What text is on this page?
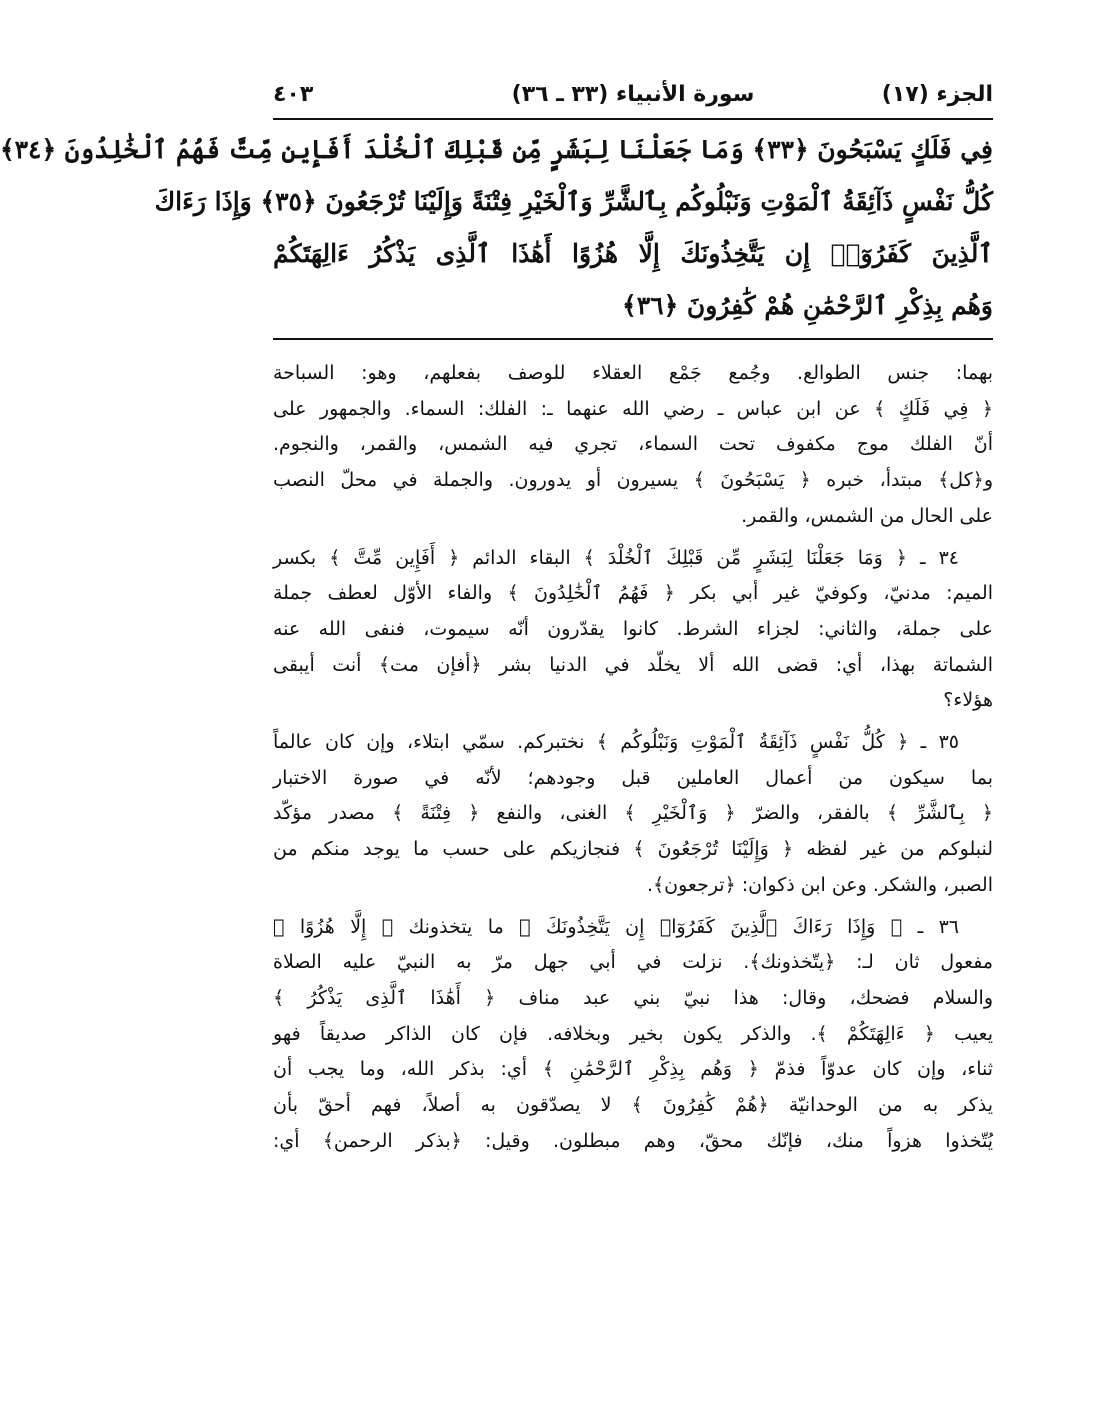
الجزء (١٧)
سورة الأنبياء (٣٣ ـ ٣٦)
٤٠٣
فِي فَلَكٍ يَسْبَحُونَ ﴿٣٣﴾ وَمَا جَعَلْنَا لِبَشَرٍ مِّن قَبْلِكَ ٱلْخُلْدَ أَفَإِين مِّتَّ فَهُمُ ٱلْخَٰلِدُونَ ﴿٣٤﴾
كُلُّ نَفْسٍ ذَآئِقَةُ ٱلْمَوْتِ وَنَبْلُوكُم بِٱلشَّرِّ وَٱلْخَيْرِ فِتْنَةً وَإِلَيْنَا تُرْجَعُونَ ﴿٣٥﴾ وَإِذَا رَءَاكَ
ٱلَّذِينَ كَفَرُوٓا۟ إِن يَتَّخِذُونَكَ إِلَّا هُزُوًا أَهَٰذَا ٱلَّذِى يَذْكُرُ ءَالِهَتَكُمْ
وَهُم بِذِكْرِ ٱلرَّحْمَٰنِ هُمْ كَٰفِرُونَ ﴿٣٦﴾
بهما: جنس الطوالع. وجُمع جَمْع العقلاء للوصف بفعلهم، وهو: السباحة
﴿ فِي فَلَكٍ ﴾ عن ابن عباس ـ رضي الله عنهما ـ: الفلك: السماء. والجمهور على
أنّ الفلك موج مكفوف تحت السماء، تجري فيه الشمس، والقمر، والنجوم.
و﴿كل﴾ مبتدأ، خبره ﴿ يَسْبَحُونَ ﴾ يسيرون أو يدورون. والجملة في محلّ النصب
على الحال من الشمس، والقمر.
٣٤ ـ ﴿ وَمَا جَعَلْنَا لِبَشَرٍ مِّن قَبْلِكَ ٱلْخُلْدَ ﴾ البقاء الدائم ﴿ أَفَإِين مِّتَّ ﴾ بكسر
الميم: مدنيّ، وكوفيّ غير أبي بكر ﴿ فَهُمُ ٱلْخَٰلِدُونَ ﴾ والفاء الأوّل لعطف جملة
على جملة، والثاني: لجزاء الشرط. كانوا يقدّرون أنّه سيموت، فنفى الله عنه
الشماتة بهذا، أي: قضى الله ألا يخلّد في الدنيا بشر ﴿أفإن مت﴾ أنت أيبقى
هؤلاء؟
٣٥ ـ ﴿ كُلُّ نَفْسٍ ذَآئِقَةُ ٱلْمَوْتِ وَنَبْلُوكُم ﴾ نختبركم. سمّي ابتلاء، وإن كان عالماً
بما سيكون من أعمال العاملين قبل وجودهم؛ لأنّه في صورة الاختبار
﴿ بِٱلشَّرِّ ﴾ بالفقر، والضرّ ﴿ وَٱلْخَيْرِ ﴾ الغنى، والنفع ﴿ فِتْنَةً ﴾ مصدر مؤكّد
لنبلوكم من غير لفظه ﴿ وَإِلَيْنَا تُرْجَعُونَ ﴾ فنجازيكم على حسب ما يوجد منكم من
الصبر، والشكر. وعن ابن ذكوان: ﴿ترجعون﴾.
٣٦ ـ ﴿ وَإِذَا رَءَاكَ ٱلَّذِينَ كَفَرُوٓا۟ إِن يَتَّخِذُونَكَ ﴾ ما يتخذونك ﴿ إِلَّا هُزُوًا ﴾
مفعول ثان لـ: ﴿يتّخذونك﴾. نزلت في أبي جهل مرّ به النبيّ عليه الصلاة
والسلام فضحك، وقال: هذا نبيّ بني عبد مناف ﴿ أَهَٰذَا ٱلَّذِى يَذْكُرُ ﴾
يعيب ﴿ ءَالِهَتَكُمْ ﴾. والذكر يكون بخير وبخلافه. فإن كان الذاكر صديقاً فهو
ثناء، وإن كان عدوّاً فذمّ ﴿ وَهُم بِذِكْرِ ٱلرَّحْمَٰنِ ﴾ أي: بذكر الله، وما يجب أن
يذكر به من الوحدانيّة ﴿هُمْ كَٰفِرُونَ ﴾ لا يصدّقون به أصلاً، فهم أحقّ بأن
يُتّخذوا هزواً منك، فإنّك محقّ، وهم مبطلون. وقيل: ﴿بذكر الرحمن﴾ أي:
